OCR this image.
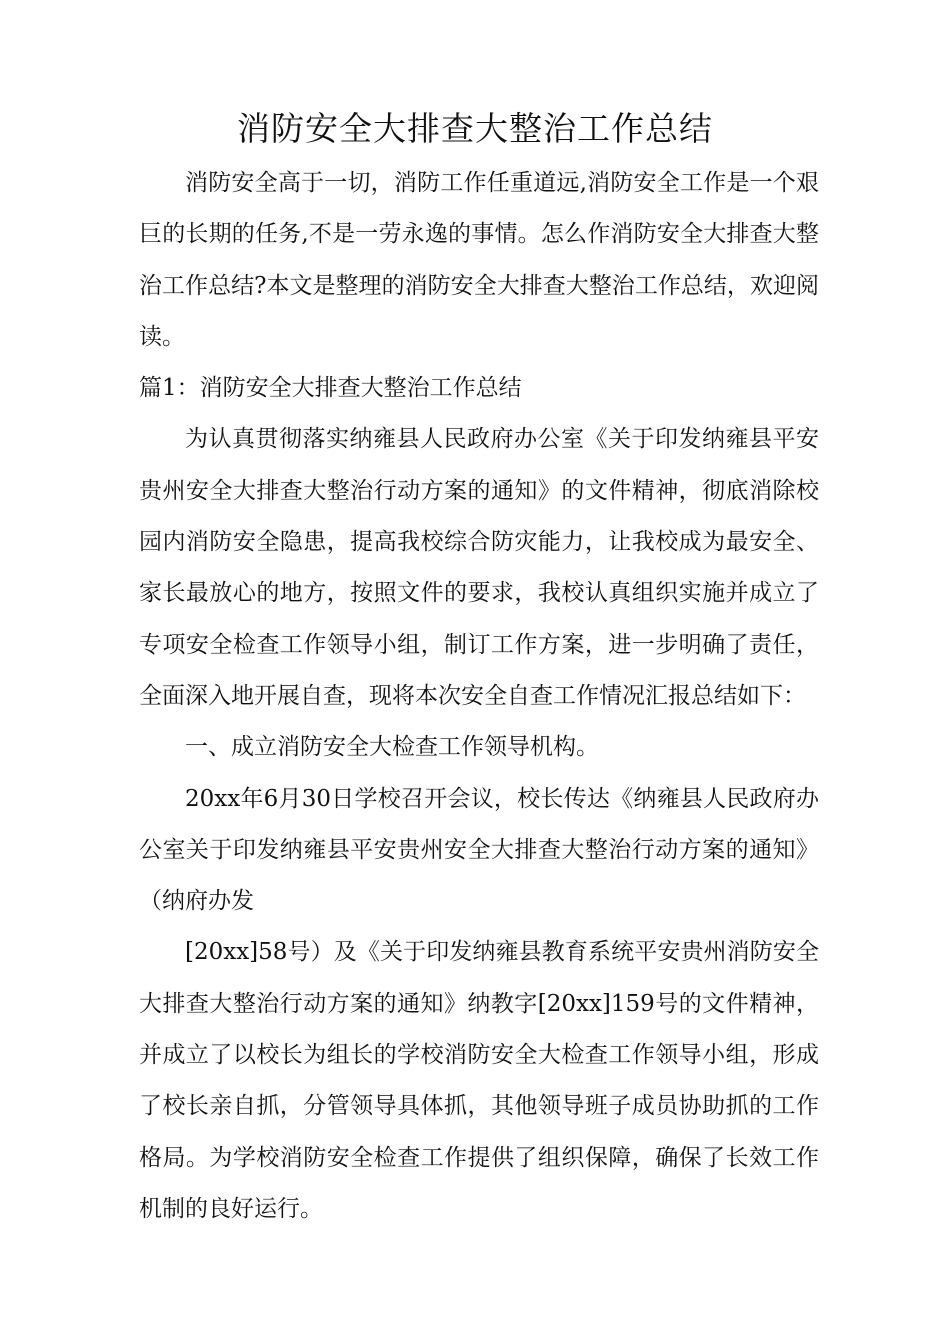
消防安全大排查大整治工作总结

消防安全高于一切，消防工作任重道远,消防安全工作是一个艰巨的长期的任务,不是一劳永逸的事情。怎么作消防安全大排查大整治工作总结?本文是整理的消防安全大排查大整治工作总结，欢迎阅读。

篇1：消防安全大排查大整治工作总结

为认真贯彻落实纳雍县人民政府办公室《关于印发纳雍县平安贵州安全大排查大整治行动方案的通知》的文件精神，彻底消除校园内消防安全隐患，提高我校综合防灾能力，让我校成为最安全、家长最放心的地方，按照文件的要求，我校认真组织实施并成立了专项安全检查工作领导小组，制订工作方案，进一步明确了责任，全面深入地开展自查，现将本次安全自查工作情况汇报总结如下：

一、成立消防安全大检查工作领导机构。

20xx年6月30日学校召开会议，校长传达《纳雍县人民政府办公室关于印发纳雍县平安贵州安全大排查大整治行动方案的通知》（纳府办发

[20xx]58号）及《关于印发纳雍县教育系统平安贵州消防安全大排查大整治行动方案的通知》纳教字[20xx]159号的文件精神，并成立了以校长为组长的学校消防安全大检查工作领导小组，形成了校长亲自抓，分管领导具体抓，其他领导班子成员协助抓的工作格局。为学校消防安全检查工作提供了组织保障，确保了长效工作机制的良好运行。
